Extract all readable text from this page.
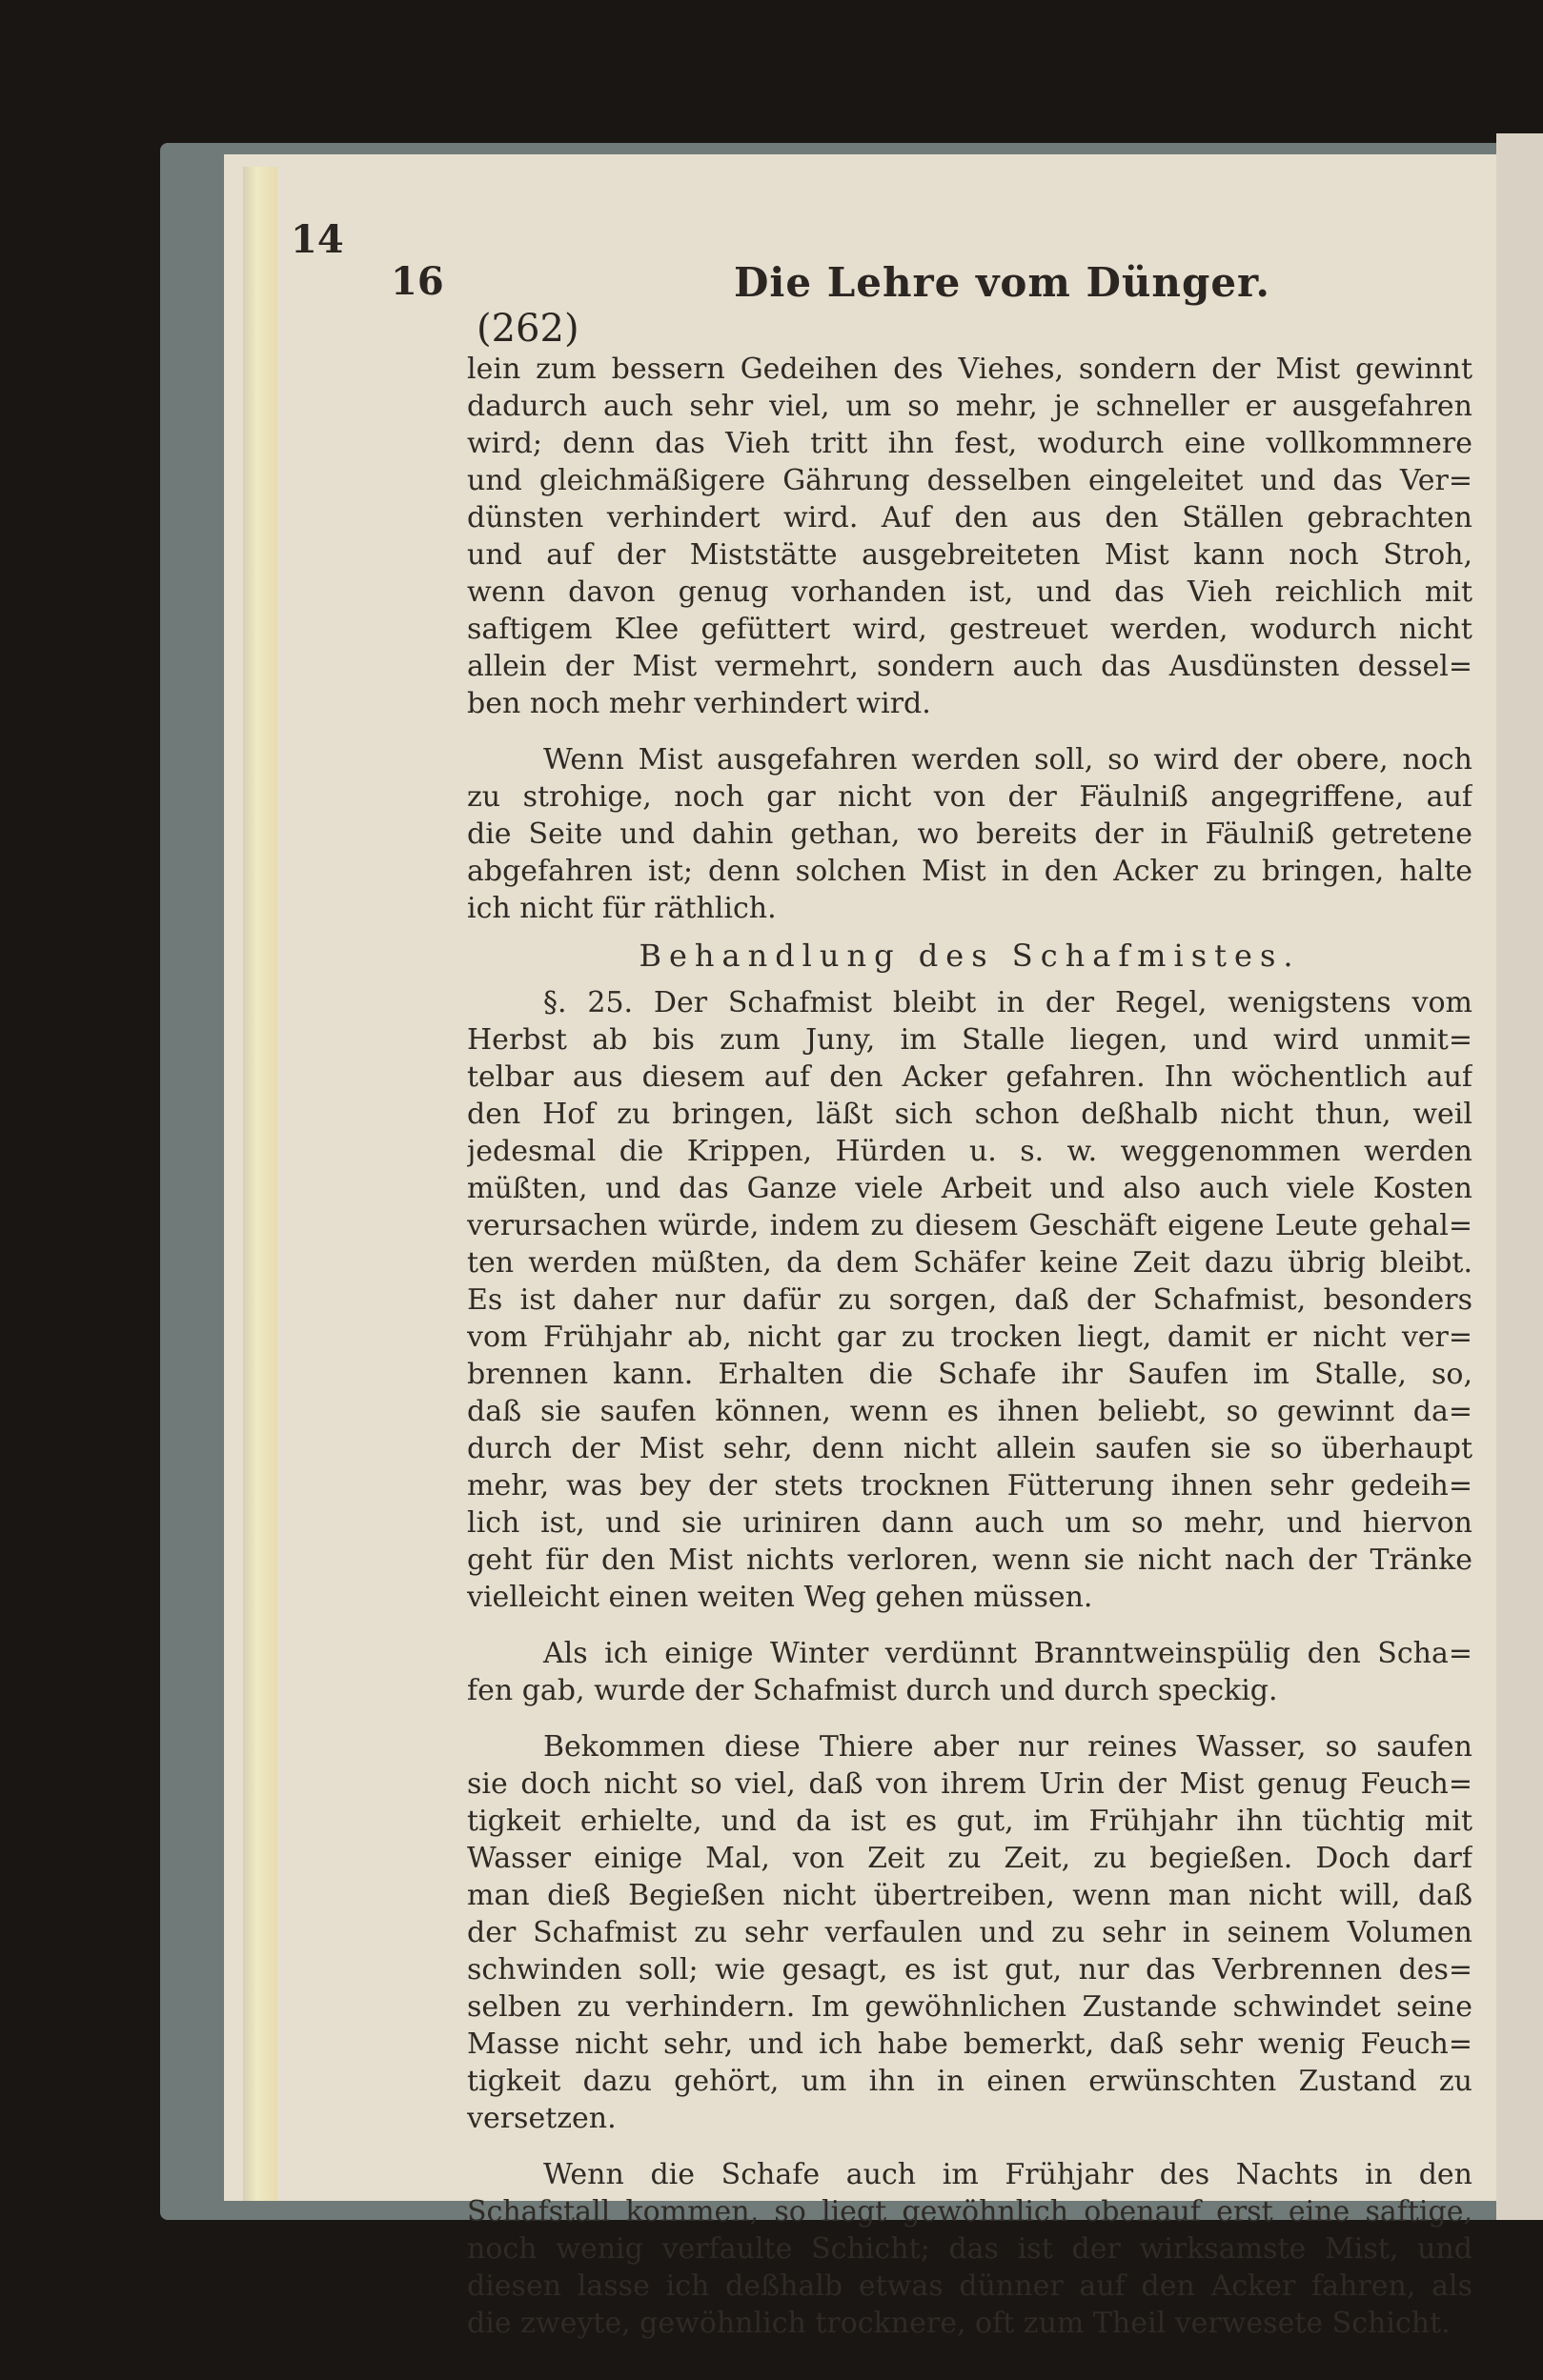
14
16	Die Lehre vom Dünger.
(262)
lein zum bessern Gedeihen des Viehes, sondern der Mist gewinnt
dadurch auch sehr viel, um so mehr, je schneller er ausgefahren
wird; denn das Vieh tritt ihn fest, wodurch eine vollkommnere
und gleichmäßigere Gährung desselben eingeleitet und das Ver=
dünsten verhindert wird. Auf den aus den Ställen gebrachten
und auf der Miststätte ausgebreiteten Mist kann noch Stroh,
wenn davon genug vorhanden ist, und das Vieh reichlich mit
saftigem Klee gefüttert wird, gestreuet werden, wodurch nicht
allein der Mist vermehrt, sondern auch das Ausdünsten dessel=
ben noch mehr verhindert wird.
Wenn Mist ausgefahren werden soll, so wird der obere, noch
zu strohige, noch gar nicht von der Fäulniß angegriffene, auf
die Seite und dahin gethan, wo bereits der in Fäulniß getretene
abgefahren ist; denn solchen Mist in den Acker zu bringen, halte
ich nicht für räthlich.
Behandlung des Schafmistes.
§. 25. Der Schafmist bleibt in der Regel, wenigstens vom
Herbst ab bis zum Juny, im Stalle liegen, und wird unmit=
telbar aus diesem auf den Acker gefahren. Ihn wöchentlich auf
den Hof zu bringen, läßt sich schon deßhalb nicht thun, weil
jedesmal die Krippen, Hürden u. s. w. weggenommen werden
müßten, und das Ganze viele Arbeit und also auch viele Kosten
verursachen würde, indem zu diesem Geschäft eigene Leute gehal=
ten werden müßten, da dem Schäfer keine Zeit dazu übrig bleibt.
Es ist daher nur dafür zu sorgen, daß der Schafmist, besonders
vom Frühjahr ab, nicht gar zu trocken liegt, damit er nicht ver=
brennen kann. Erhalten die Schafe ihr Saufen im Stalle, so,
daß sie saufen können, wenn es ihnen beliebt, so gewinnt da=
durch der Mist sehr, denn nicht allein saufen sie so überhaupt
mehr, was bey der stets trocknen Fütterung ihnen sehr gedeih=
lich ist, und sie uriniren dann auch um so mehr, und hiervon
geht für den Mist nichts verloren, wenn sie nicht nach der Tränke
vielleicht einen weiten Weg gehen müssen.
Als ich einige Winter verdünnt Branntweinspülig den Scha=
fen gab, wurde der Schafmist durch und durch speckig.
Bekommen diese Thiere aber nur reines Wasser, so saufen
sie doch nicht so viel, daß von ihrem Urin der Mist genug Feuch=
tigkeit erhielte, und da ist es gut, im Frühjahr ihn tüchtig mit
Wasser einige Mal, von Zeit zu Zeit, zu begießen. Doch darf
man dieß Begießen nicht übertreiben, wenn man nicht will, daß
der Schafmist zu sehr verfaulen und zu sehr in seinem Volumen
schwinden soll; wie gesagt, es ist gut, nur das Verbrennen des=
selben zu verhindern. Im gewöhnlichen Zustande schwindet seine
Masse nicht sehr, und ich habe bemerkt, daß sehr wenig Feuch=
tigkeit dazu gehört, um ihn in einen erwünschten Zustand zu
versetzen.
Wenn die Schafe auch im Frühjahr des Nachts in den
Schafstall kommen, so liegt gewöhnlich obenauf erst eine saftige,
noch wenig verfaulte Schicht; das ist der wirksamste Mist, und
diesen lasse ich deßhalb etwas dünner auf den Acker fahren, als
die zweyte, gewöhnlich trocknere, oft zum Theil verwesete Schicht.
